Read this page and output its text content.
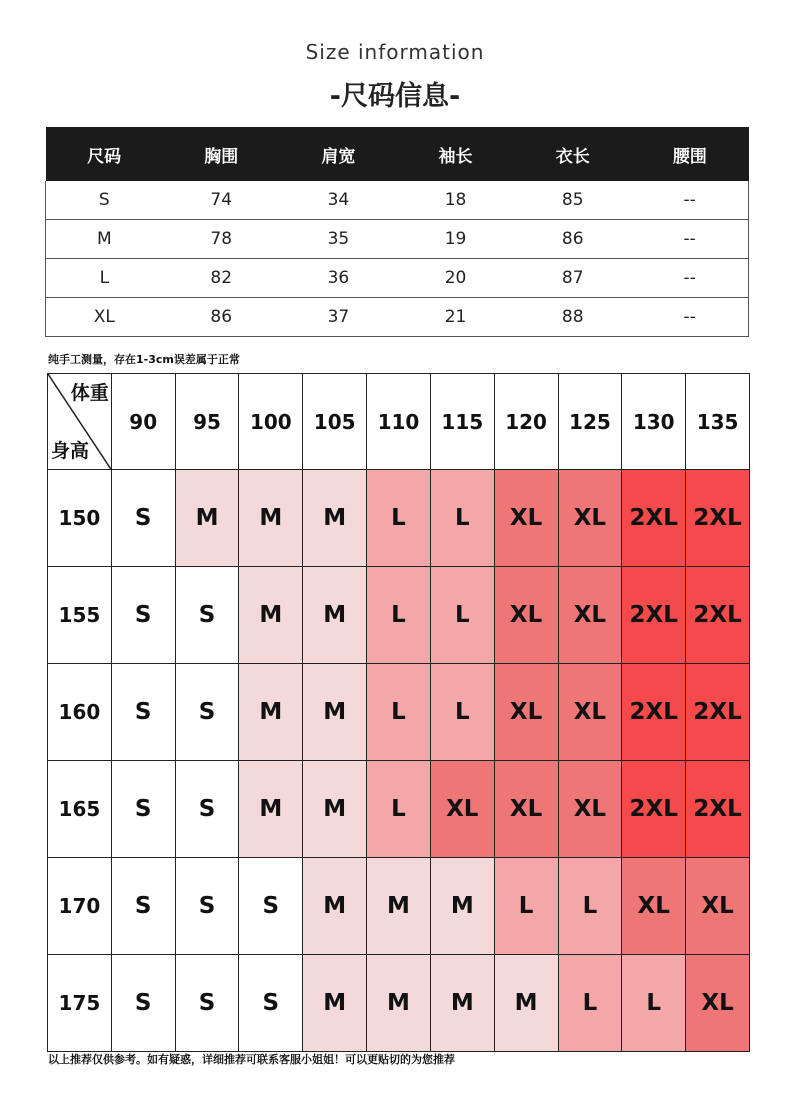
Size information
-尺码信息-
尺码	胸围	肩宽	袖长	衣长	腰围
S	74	34	18	85	--
M	78	35	19	86	--
L	82	36	20	87	--
XL	86	37	21	88	--
纯手工测量，存在1-3cm误差属于正常
体重
身高	90	95	100	105	110	115	120	125	130	135
150	S	M	M	M	L	L	XL	XL	2XL	2XL
155	S	S	M	M	L	L	XL	XL	2XL	2XL
160	S	S	M	M	L	L	XL	XL	2XL	2XL
165	S	S	M	M	L	XL	XL	XL	2XL	2XL
170	S	S	S	M	M	M	L	L	XL	XL
175	S	S	S	M	M	M	M	L	L	XL
以上推荐仅供参考。如有疑惑，详细推荐可联系客服小姐姐！可以更贴切的为您推荐
